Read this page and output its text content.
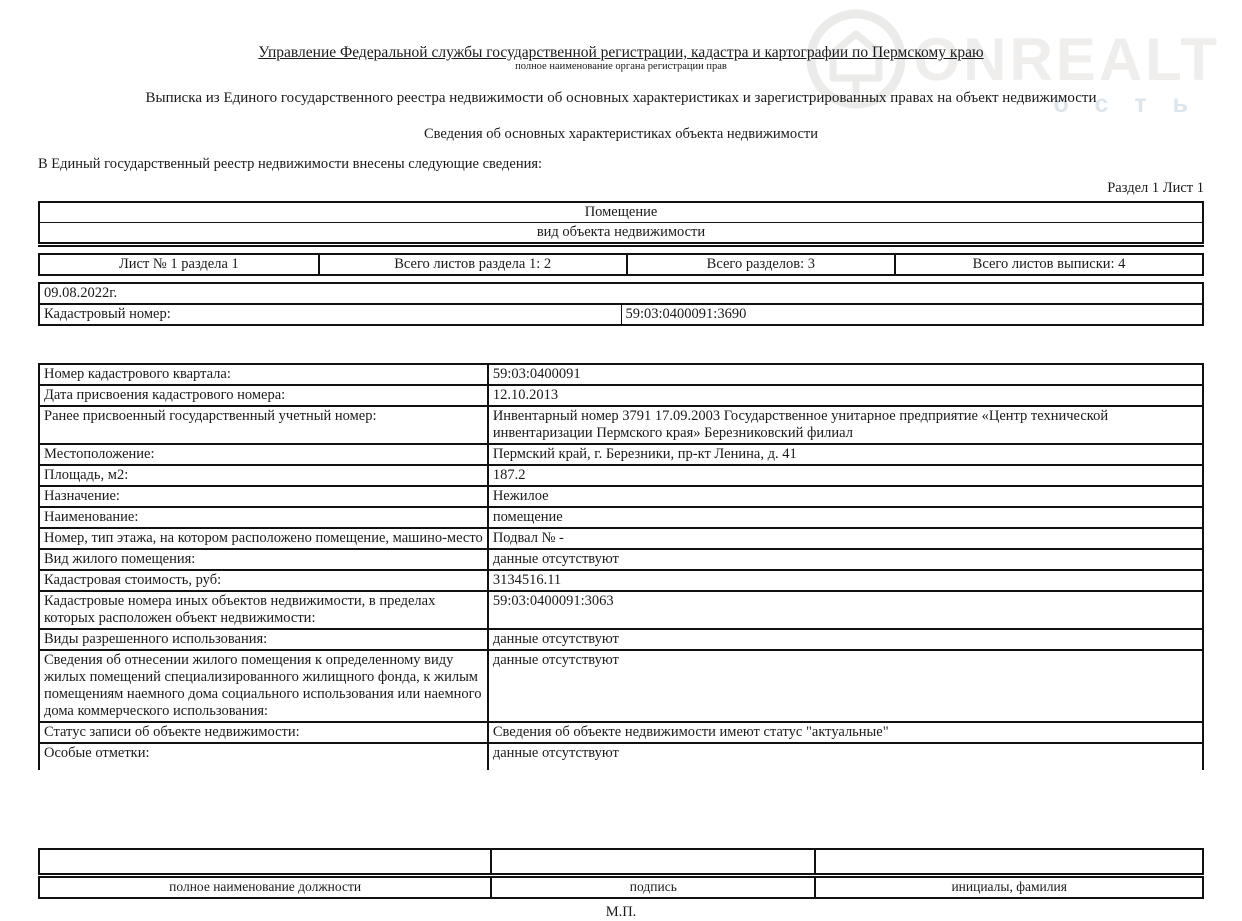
ONREALT
ость
Управление Федеральной службы государственной регистрации, кадастра и картографии по Пермскому краю
полное наименование органа регистрации прав
Выписка из Единого государственного реестра недвижимости об основных характеристиках и зарегистрированных правах на объект недвижимости
Сведения об основных характеристиках объекта недвижимости
В Единый государственный реестр недвижимости внесены следующие сведения:
Раздел 1 Лист 1
Помещение
вид объекта недвижимости
Лист № 1 раздела 1	Всего листов раздела 1: 2	Всего разделов: 3	Всего листов выписки: 4
09.08.2022г.
Кадастровый номер:	59:03:0400091:3690
Номер кадастрового квартала:	59:03:0400091
Дата присвоения кадастрового номера:	12.10.2013
Ранее присвоенный государственный учетный номер:	Инвентарный номер 3791 17.09.2003 Государственное унитарное предприятие «Центр технической инвентаризации Пермского края» Березниковский филиал
Местоположение:	Пермский край, г. Березники, пр-кт Ленина, д. 41
Площадь, м2:	187.2
Назначение:	Нежилое
Наименование:	помещение
Номер, тип этажа, на котором расположено помещение, машино-место	Подвал № -
Вид жилого помещения:	данные отсутствуют
Кадастровая стоимость, руб:	3134516.11
Кадастровые номера иных объектов недвижимости, в пределах которых расположен объект недвижимости:	59:03:0400091:3063
Виды разрешенного использования:	данные отсутствуют
Сведения об отнесении жилого помещения к определенному виду жилых помещений специализированного жилищного фонда, к жилым помещениям наемного дома социального использования или наемного дома коммерческого использования:	данные отсутствуют
Статус записи об объекте недвижимости:	Сведения об объекте недвижимости имеют статус "актуальные"
Особые отметки:	данные отсутствуют

полное наименование должности	подпись	инициалы, фамилия
М.П.
